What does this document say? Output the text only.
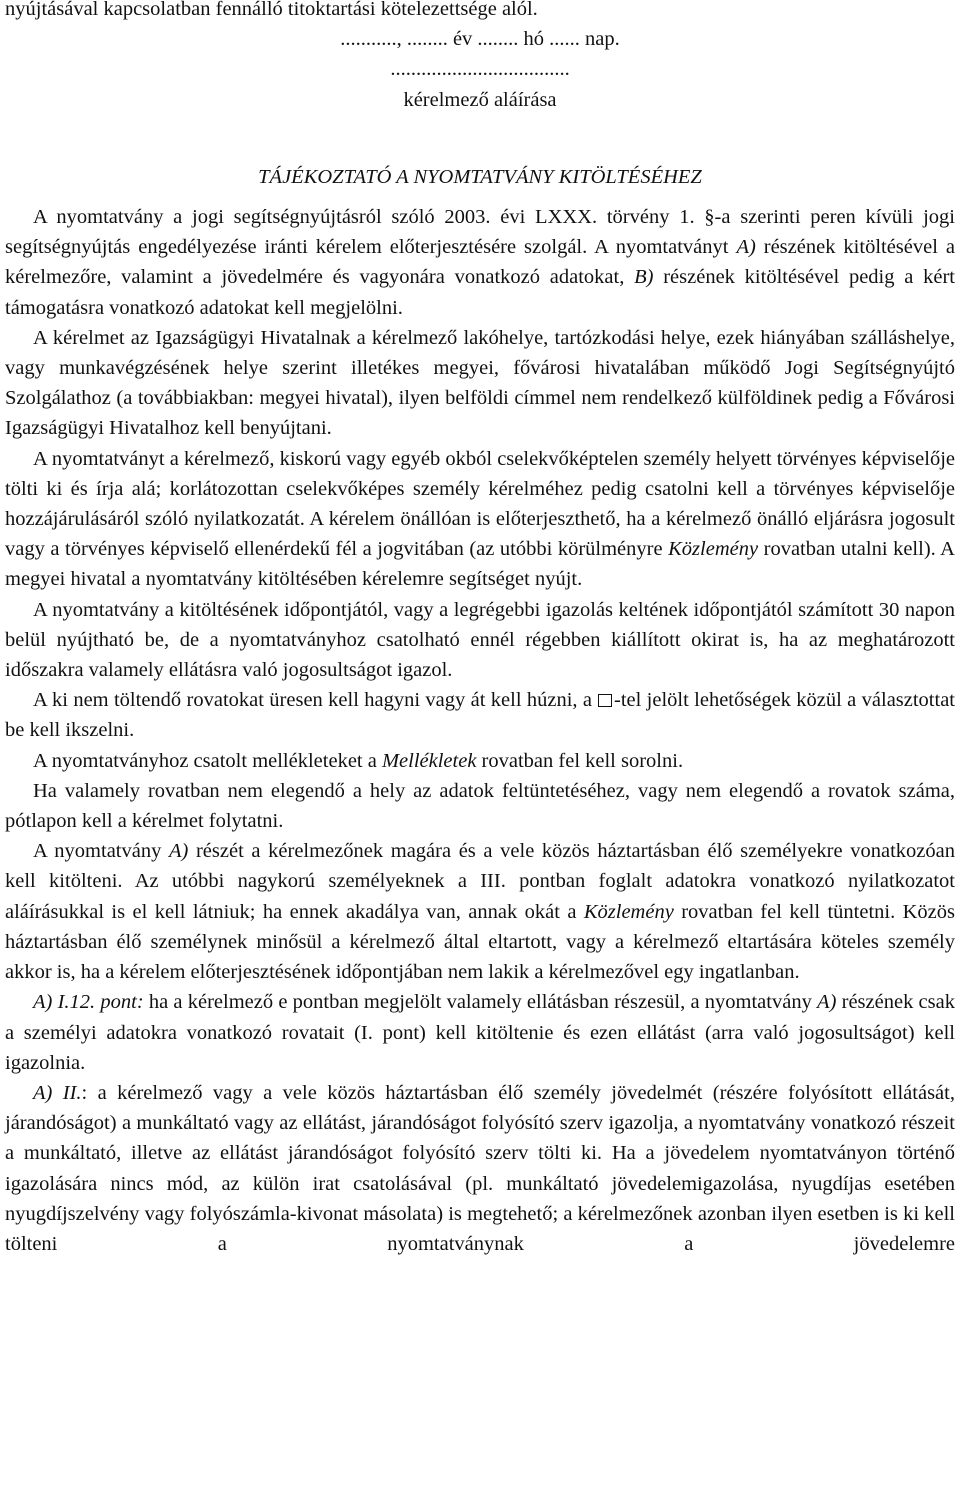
nyújtásával kapcsolatban fennálló titoktartási kötelezettsége alól.

..........., ........ év ........ hó ...... nap.

...................................

kérelmező aláírása

TÁJÉKOZTATÓ A NYOMTATVÁNY KITÖLTÉSÉHEZ

A nyomtatvány a jogi segítségnyújtásról szóló 2003. évi LXXX. törvény 1. §-a szerinti peren kívüli jogi segítségnyújtás engedélyezése iránti kérelem előterjesztésére szolgál. A nyomtatványt A) részének kitöltésével a kérelmezőre, valamint a jövedelmére és vagyonára vonatkozó adatokat, B) részének kitöltésével pedig a kért támogatásra vonatkozó adatokat kell megjelölni.

A kérelmet az Igazságügyi Hivatalnak a kérelmező lakóhelye, tartózkodási helye, ezek hiányában szálláshelye, vagy munkavégzésének helye szerint illetékes megyei, fővárosi hivatalában működő Jogi Segítségnyújtó Szolgálathoz (a továbbiakban: megyei hivatal), ilyen belföldi címmel nem rendelkező külföldinek pedig a Fővárosi Igazságügyi Hivatalhoz kell benyújtani.

A nyomtatványt a kérelmező, kiskorú vagy egyéb okból cselekvőképtelen személy helyett törvényes képviselője tölti ki és írja alá; korlátozottan cselekvőképes személy kérelméhez pedig csatolni kell a törvényes képviselője hozzájárulásáról szóló nyilatkozatát. A kérelem önállóan is előterjeszthető, ha a kérelmező önálló eljárásra jogosult vagy a törvényes képviselő ellenérdekű fél a jogvitában (az utóbbi körülményre Közlemény rovatban utalni kell). A megyei hivatal a nyomtatvány kitöltésében kérelemre segítséget nyújt.

A nyomtatvány a kitöltésének időpontjától, vagy a legrégebbi igazolás keltének időpontjától számított 30 napon belül nyújtható be, de a nyomtatványhoz csatolható ennél régebben kiállított okirat is, ha az meghatározott időszakra valamely ellátásra való jogosultságot igazol.

A ki nem töltendő rovatokat üresen kell hagyni vagy át kell húzni, a -tel jelölt lehetőségek közül a választottat be kell ikszelni.

A nyomtatványhoz csatolt mellékleteket a Mellékletek rovatban fel kell sorolni.

Ha valamely rovatban nem elegendő a hely az adatok feltüntetéséhez, vagy nem elegendő a rovatok száma, pótlapon kell a kérelmet folytatni.

A nyomtatvány A) részét a kérelmezőnek magára és a vele közös háztartásban élő személyekre vonatkozóan kell kitölteni. Az utóbbi nagykorú személyeknek a III. pontban foglalt adatokra vonatkozó nyilatkozatot aláírásukkal is el kell látniuk; ha ennek akadálya van, annak okát a Közlemény rovatban fel kell tüntetni. Közös háztartásban élő személynek minősül a kérelmező által eltartott, vagy a kérelmező eltartására köteles személy akkor is, ha a kérelem előterjesztésének időpontjában nem lakik a kérelmezővel egy ingatlanban.

A) I.12. pont: ha a kérelmező e pontban megjelölt valamely ellátásban részesül, a nyomtatvány A) részének csak a személyi adatokra vonatkozó rovatait (I. pont) kell kitöltenie és ezen ellátást (arra való jogosultságot) kell igazolnia.

A) II.: a kérelmező vagy a vele közös háztartásban élő személy jövedelmét (részére folyósított ellátását, járandóságot) a munkáltató vagy az ellátást, járandóságot folyósító szerv igazolja, a nyomtatvány vonatkozó részeit a munkáltató, illetve az ellátást járandóságot folyósító szerv tölti ki. Ha a jövedelem nyomtatványon történő igazolására nincs mód, az külön irat csatolásával (pl. munkáltató jövedelemigazolása, nyugdíjas esetében nyugdíjszelvény vagy folyószámla-kivonat másolata) is megtehető; a kérelmezőnek azonban ilyen esetben is ki kell tölteni a nyomtatványnak a jövedelemre
